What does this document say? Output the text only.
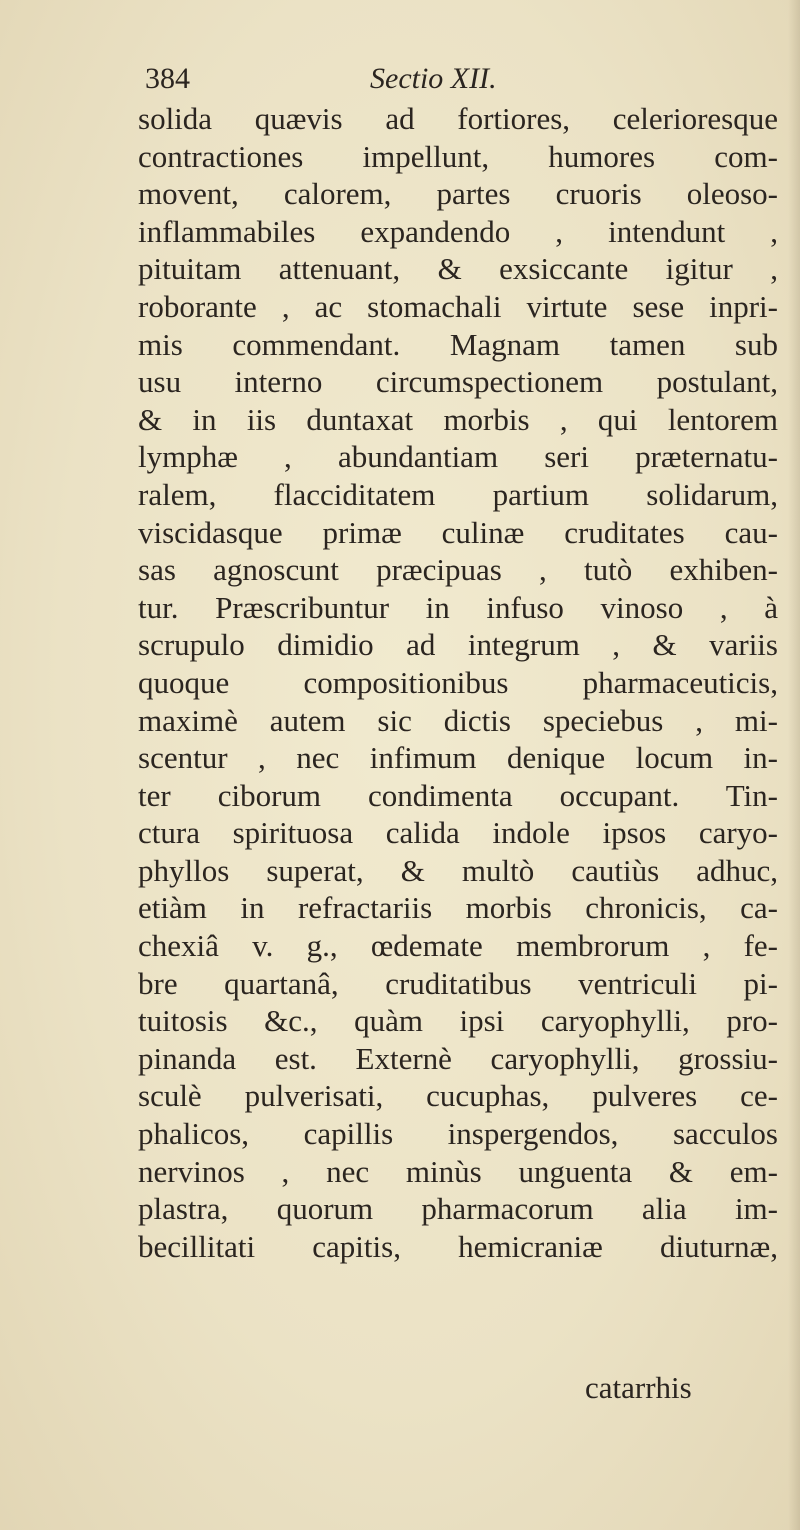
384	Sectio XII.
solida quævis ad fortiores, celerioresque
contractiones impellunt, humores com-
movent, calorem, partes cruoris oleoso-
inflammabiles expandendo , intendunt ,
pituitam attenuant, & exsiccante igitur ,
roborante , ac stomachali virtute sese inpri-
mis commendant. Magnam tamen sub
usu interno circumspectionem postulant,
& in iis duntaxat morbis , qui lentorem
lymphæ , abundantiam seri præternatu-
ralem, flacciditatem partium solidarum,
viscidasque primæ culinæ cruditates cau-
sas agnoscunt præcipuas , tutò exhiben-
tur. Præscribuntur in infuso vinoso , à
scrupulo dimidio ad integrum , & variis
quoque compositionibus pharmaceuticis,
maximè autem sic dictis speciebus , mi-
scentur , nec infimum denique locum in-
ter ciborum condimenta occupant. Tin-
ctura spirituosa calida indole ipsos caryo-
phyllos superat, & multò cautiùs adhuc,
etiàm in refractariis morbis chronicis, ca-
chexiâ v. g., œdemate membrorum , fe-
bre quartanâ, cruditatibus ventriculi pi-
tuitosis &c., quàm ipsi caryophylli, pro-
pinanda est. Externè caryophylli, grossiu-
sculè pulverisati, cucuphas, pulveres ce-
phalicos, capillis inspergendos, sacculos
nervinos , nec minùs unguenta & em-
plastra, quorum pharmacorum alia im-
becillitati capitis, hemicraniæ diuturnæ,
catarrhis
